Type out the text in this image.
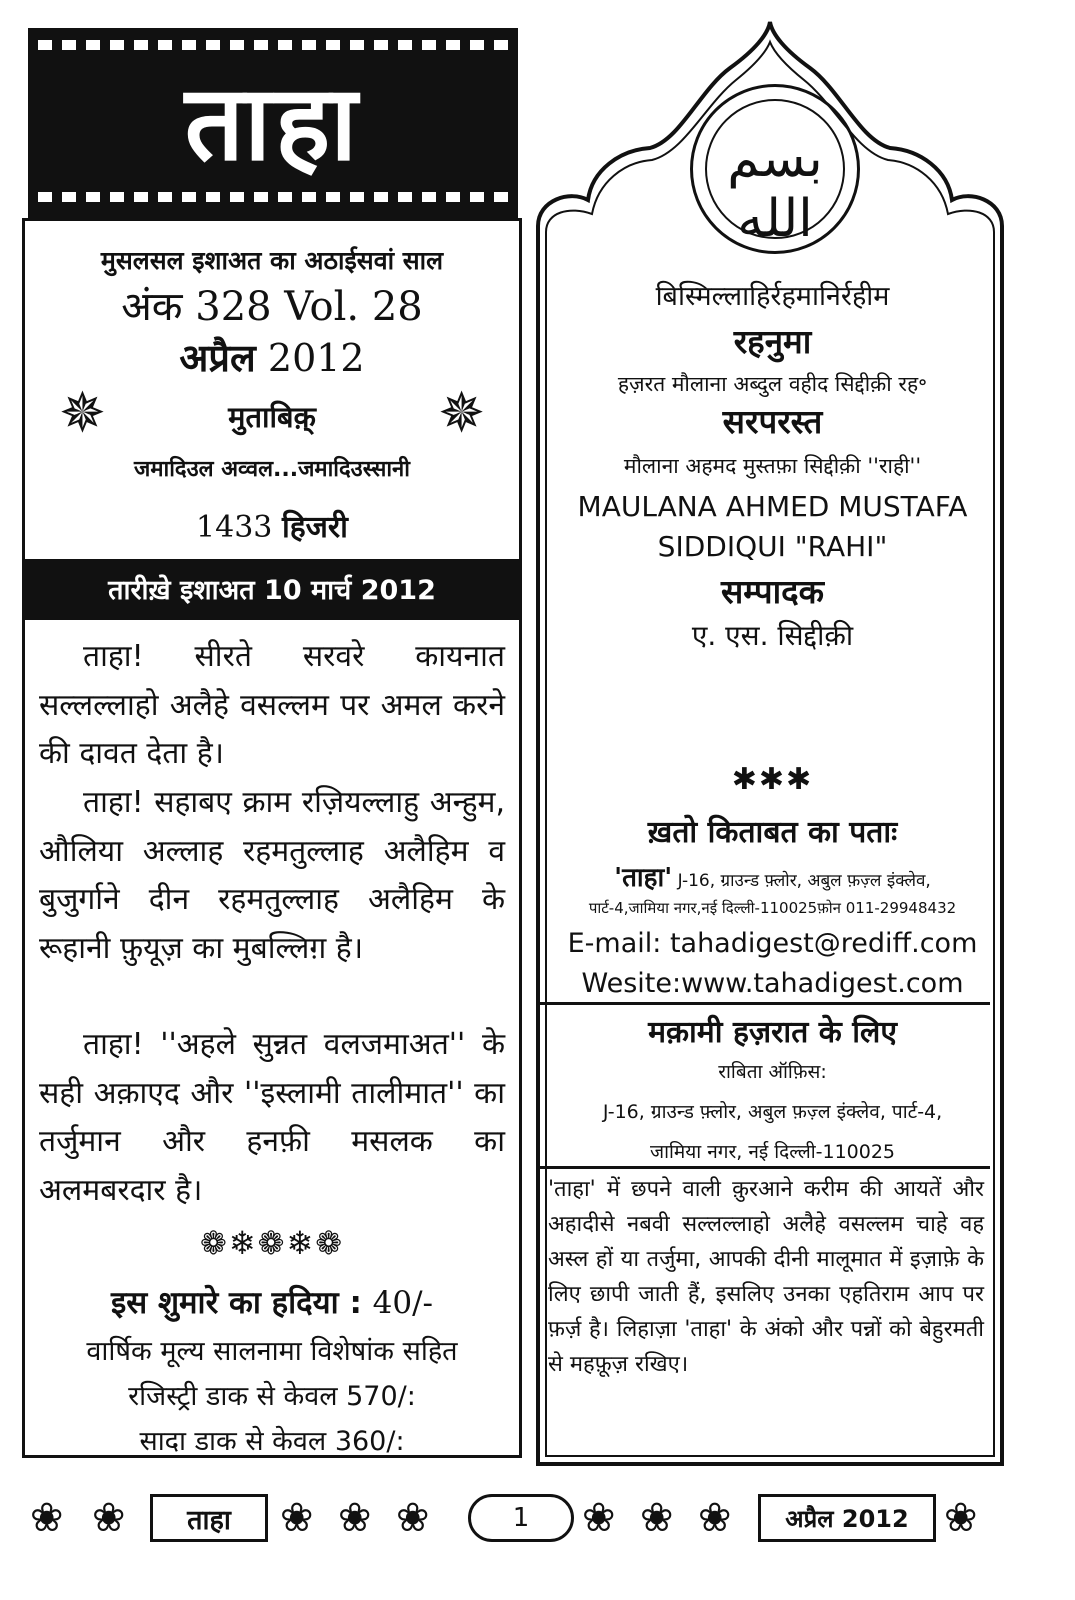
ताहा
मुसलसल इशाअत का अठाईसवां साल
अंक 328 Vol. 28
अप्रैल 2012
✵	✵
मुताबिक़्
जमादिउल अव्वल...जमादिउस्सानी
1433 हिजरी
तारीख़े इशाअत 10 मार्च 2012

ताहा! सीरते सरवरे कायनात सल्लल्लाहो अलैहे वसल्लम पर अमल करने की दावत देता है।

ताहा! सहाबए क्राम रज़ियल्लाहु अन्हुम, औलिया अल्लाह रहमतुल्लाह अलैहिम व बुजुर्गाने दीन रहमतुल्लाह अलैहिम के रूहानी फ़ुयूज़ का मुबल्लिग़ है।

ताहा! ''अहले सुन्नत वलजमाअत'' के सही अक़ाएद और ''इस्लामी तालीमात'' का तर्जुमान और हनफ़ी मसलक का अलमबरदार है।

❁❄❁❄❁
इस शुमारे का हदिया : 40/-
वार्षिक मूल्य सालनामा विशेषांक सहित
रजिस्ट्री डाक से केवल 570/:
सादा डाक से केवल 360/:
بسم الله
बिस्मिल्लाहिर्रहमानिर्रहीम
रहनुमा
हज़रत मौलाना अब्दुल वहीद सिद्दीक़ी रह॰
सरपरस्त
मौलाना अहमद मुस्तफ़ा सिद्दीक़ी ''राही''
MAULANA AHMED MUSTAFA
SIDDIQUI "RAHI"
सम्पादक
ए. एस. सिद्दीक़ी
✱✱✱
ख़तो किताबत का पताः
'ताहा' J-16, ग्राउन्ड फ़्लोर, अबुल फ़ज़्ल इंक्लेव,
पार्ट-4,जामिया नगर,नई दिल्ली-110025फ़ोन 011-29948432
E-mail: tahadigest@rediff.com
Wesite:www.tahadigest.com
मक़ामी हज़रात के लिए
राबिता ऑफ़िस:
J-16, ग्राउन्ड फ़्लोर, अबुल फ़ज़्ल इंक्लेव, पार्ट-4,
जामिया नगर, नई दिल्ली-110025
'ताहा' में छपने वाली क़ुरआने करीम की आयतें और अहादीसे नबवी सल्लल्लाहो अलैहे वसल्लम चाहे वह अस्ल हों या तर्जुमा, आपकी दीनी मालूमात में इज़ाफ़े के लिए छापी जाती हैं, इसलिए उनका एहतिराम आप पर फ़र्ज़ है। लिहाज़ा 'ताहा' के अंको और पन्नों को बेहुरमती से महफ़ूज़ रखिए।
❀ ❀	ताहा	❀ ❀ ❀	1	❀ ❀ ❀	अप्रैल 2012 ❀
